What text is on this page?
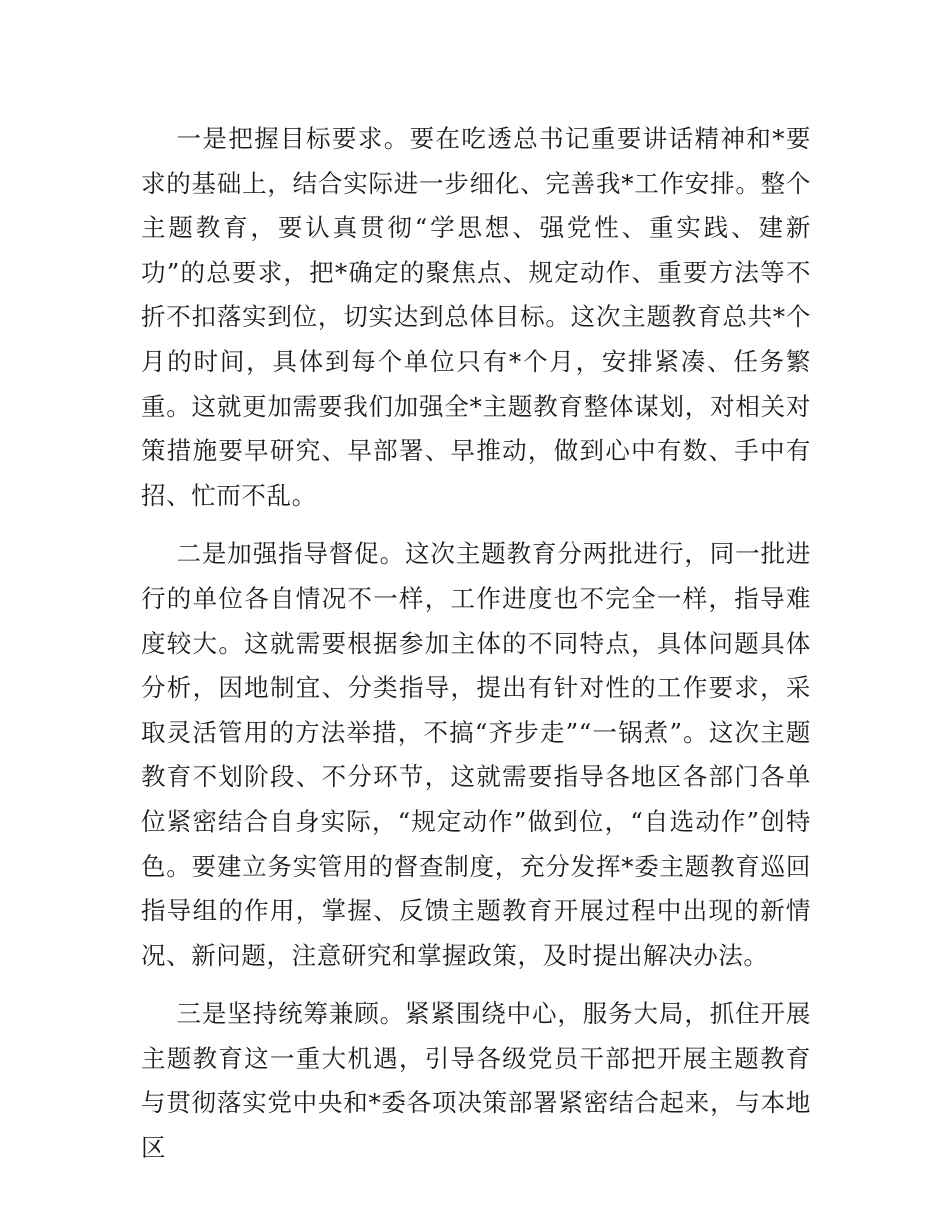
一是把握目标要求。要在吃透总书记重要讲话精神和*要求的基础上，结合实际进一步细化、完善我*工作安排。整个主题教育，要认真贯彻“学思想、强党性、重实践、建新功”的总要求，把*确定的聚焦点、规定动作、重要方法等不折不扣落实到位，切实达到总体目标。这次主题教育总共*个月的时间，具体到每个单位只有*个月，安排紧凑、任务繁重。这就更加需要我们加强全*主题教育整体谋划，对相关对策措施要早研究、早部署、早推动，做到心中有数、手中有招、忙而不乱。

二是加强指导督促。这次主题教育分两批进行，同一批进行的单位各自情况不一样，工作进度也不完全一样，指导难度较大。这就需要根据参加主体的不同特点，具体问题具体分析，因地制宜、分类指导，提出有针对性的工作要求，采取灵活管用的方法举措，不搞“齐步走”“一锅煮”。这次主题教育不划阶段、不分环节，这就需要指导各地区各部门各单位紧密结合自身实际，“规定动作”做到位，“自选动作”创特色。要建立务实管用的督查制度，充分发挥*委主题教育巡回指导组的作用，掌握、反馈主题教育开展过程中出现的新情况、新问题，注意研究和掌握政策，及时提出解决办法。

三是坚持统筹兼顾。紧紧围绕中心，服务大局，抓住开展主题教育这一重大机遇，引导各级党员干部把开展主题教育与贯彻落实党中央和*委各项决策部署紧密结合起来，与本地区
